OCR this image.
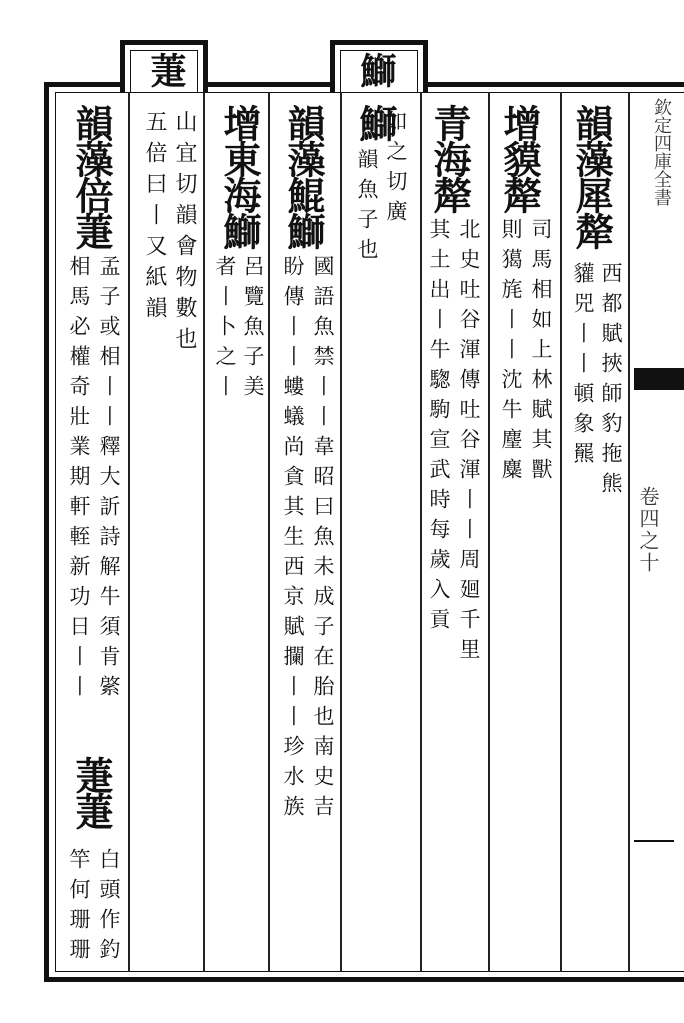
欽定四庫全書
卷四之十
萐	鰤
韻藻犀犛
西都賦挾師豹拖熊
貛兕丨丨頓象羆
增貘犛
司馬相如上林賦其獸
則獦旄丨丨沈牛麈麋
青海犛
北史吐谷渾傳吐谷渾丨丨周廻千里
其土出丨牛騘駒宣武時每歲入貢
鰤
如之切廣
韻魚子也
韻藻鯤鰤
國語魚禁丨丨韋昭曰魚未成子在胎也南史吉
盼傳丨丨螻蟻尚貪其生西京賦攔丨丨珍水族
增東海鰤
呂覽魚子美
者丨卜之丨
山宜切韻會物數也
五倍曰丨又紙韻
韻藻倍萐
孟子或相丨丨釋大訢詩解牛須肯綮
相馬必權奇壯業期軒輊新功日丨丨
萐萐
白頭作釣
竿何珊珊
